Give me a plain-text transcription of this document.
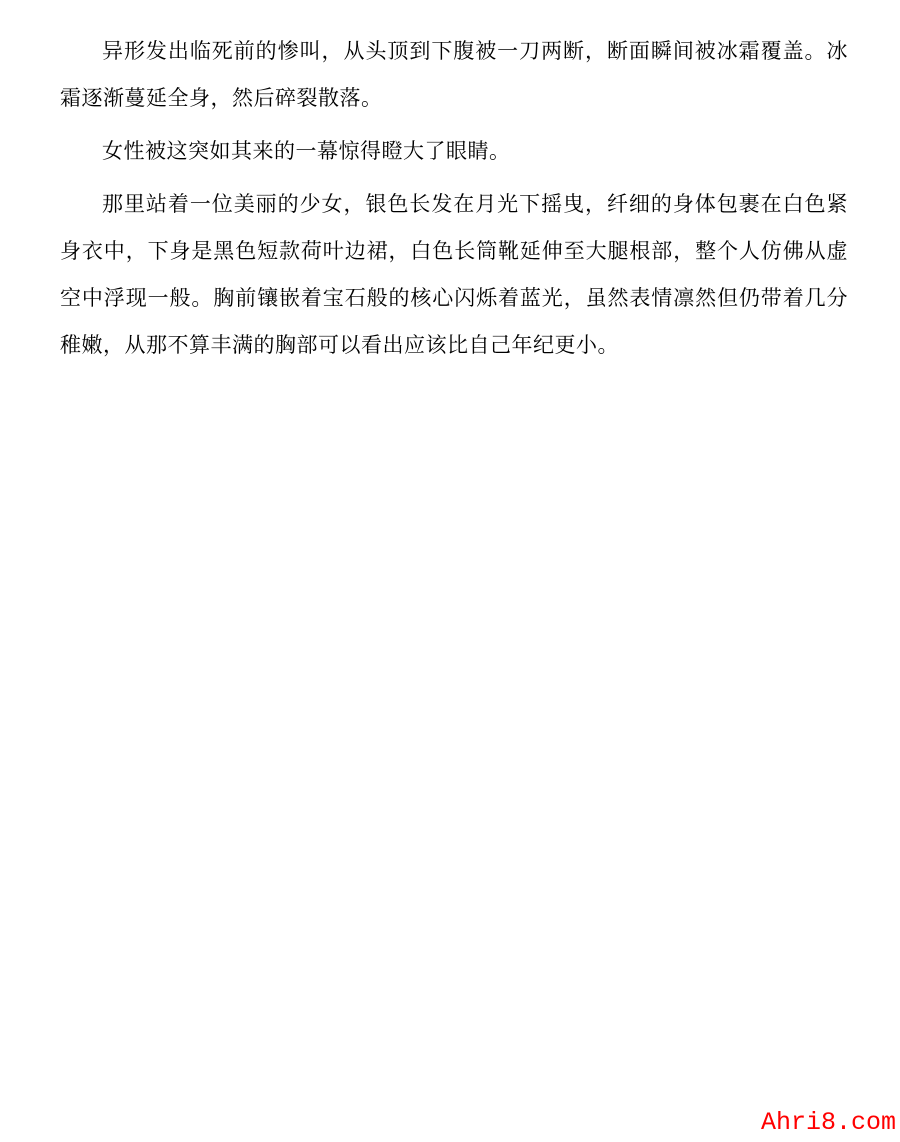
异形发出临死前的惨叫，从头顶到下腹被一刀两断，断面瞬间被冰霜覆盖。冰霜逐渐蔓延全身，然后碎裂散落。

女性被这突如其来的一幕惊得瞪大了眼睛。

那里站着一位美丽的少女，银色长发在月光下摇曳，纤细的身体包裹在白色紧身衣中，下身是黑色短款荷叶边裙，白色长筒靴延伸至大腿根部，整个人仿佛从虚空中浮现一般。胸前镶嵌着宝石般的核心闪烁着蓝光，虽然表情凛然但仍带着几分稚嫩，从那不算丰满的胸部可以看出应该比自己年纪更小。

Ahri8.com
